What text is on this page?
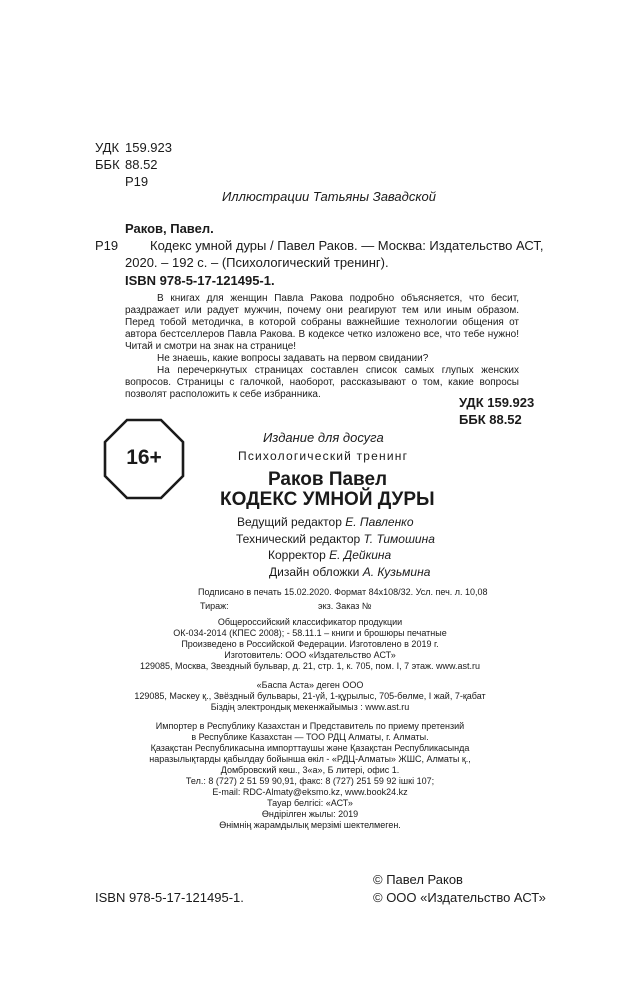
УДК 159.923
ББК 88.52
Р19
Иллюстрации Татьяны Завадской
Раков, Павел.
Р19 Кодекс умной дуры / Павел Раков. — Москва: Издательство АСТ,
2020. – 192 с. – (Психологический тренинг).
ISBN 978-5-17-121495-1.

В книгах для женщин Павла Ракова подробно объясняется, что бесит, раздражает или радует мужчин, почему они реагируют тем или иным образом. Перед тобой методичка, в которой собраны важнейшие технологии общения от автора бестселлеров Павла Ракова. В кодексе четко изложено все, что тебе нужно! Читай и смотри на знак на странице!

Не знаешь, какие вопросы задавать на первом свидании?

На перечеркнутых страницах составлен список самых глупых женских вопросов. Страницы с галочкой, наоборот, рассказывают о том, какие вопросы позволят расположить к себе избранника.

УДК 159.923
ББК 88.52
16+
Издание для досуга
Психологический тренинг
Раков Павел
КОДЕКС УМНОЙ ДУРЫ
Ведущий редактор Е. Павленко
Технический редактор Т. Тимошина
Корректор Е. Дейкина
Дизайн обложки А. Кузьмина
Подписано в печать 15.02.2020. Формат 84х108/32. Усл. печ. л. 10,08
Тираж:	экз. Заказ №
Общероссийский классификатор продукции
ОК-034-2014 (КПЕС 2008); - 58.11.1 – книги и брошюры печатные
Произведено в Российской Федерации. Изготовлено в 2019 г.
Изготовитель: ООО «Издательство АСТ»
129085, Москва, Звездный бульвар, д. 21, стр. 1, к. 705, пом. I, 7 этаж. www.ast.ru
«Баспа Аста» деген ООО
129085, Мәскеу қ., Звёздный бульвары, 21-үй, 1-құрылыс, 705-бөлме, I жай, 7-қабат
Біздің электрондық мекенжайымыз : www.ast.ru
Импортер в Республику Казахстан и Представитель по приему претензий
в Республике Казахстан — ТОО РДЦ Алматы, г. Алматы.
Қазақстан Республикасына импорттаушы және Қазақстан Республикасында
наразылықтарды қабылдау бойынша өкіл - «РДЦ-Алматы» ЖШС, Алматы қ.,
Домбровский көш., 3«а», Б литері, офис 1.
Тел.: 8 (727) 2 51 59 90,91, факс: 8 (727) 251 59 92 ішкі 107;
E-mail: RDC-Almaty@eksmo.kz, www.book24.kz
Тауар белгісі: «АСТ»
Өндірілген жылы: 2019
Өнімнің жарамдылық мерзімі шектелмеген.
ISBN 978-5-17-121495-1.
© Павел Раков
© ООО «Издательство АСТ»
